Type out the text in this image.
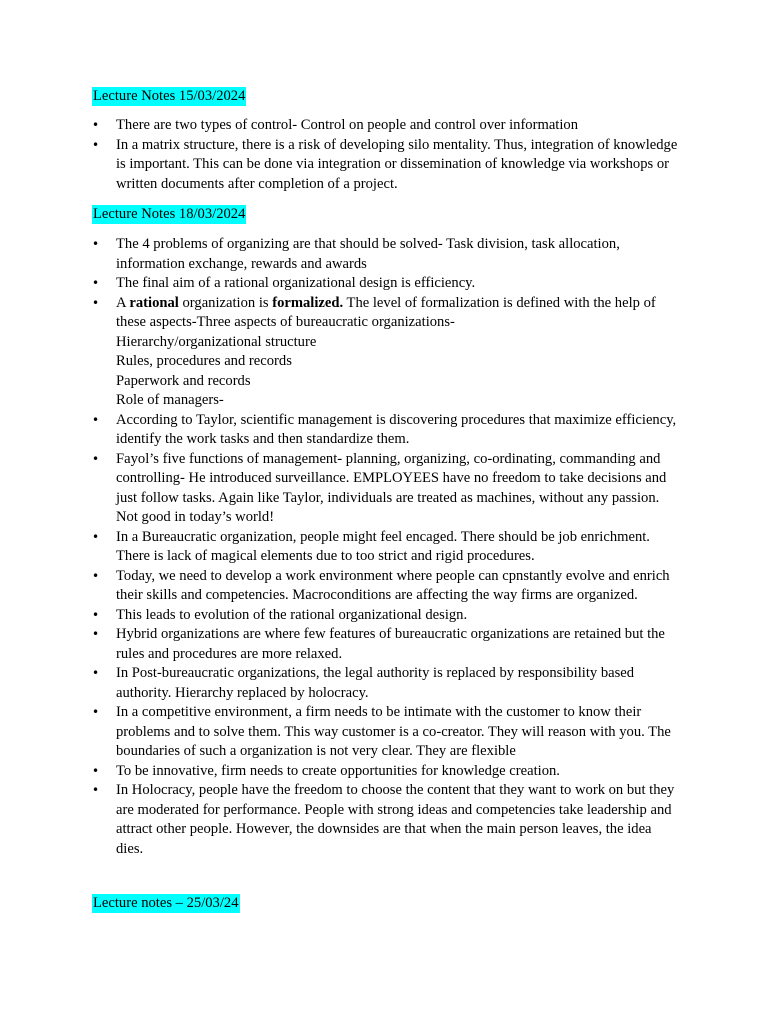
Lecture Notes 15/03/2024
• There are two types of control- Control on people and control over information
• In a matrix structure, there is a risk of developing silo mentality. Thus, integration of knowledge is important. This can be done via integration or dissemination of knowledge via workshops or written documents after completion of a project.
Lecture Notes 18/03/2024
• The 4 problems of organizing are that should be solved- Task division, task allocation, information exchange, rewards and awards
• The final aim of a rational organizational design is efficiency.
• A rational organization is formalized. The level of formalization is defined with the help of these aspects-Three aspects of bureaucratic organizations-
Hierarchy/organizational structure
Rules, procedures and records
Paperwork and records
Role of managers-
• According to Taylor, scientific management is discovering procedures that maximize efficiency, identify the work tasks and then standardize them.
• Fayol’s five functions of management- planning, organizing, co-ordinating, commanding and controlling- He introduced surveillance. EMPLOYEES have no freedom to take decisions and just follow tasks. Again like Taylor, individuals are treated as machines, without any passion. Not good in today’s world!
• In a Bureaucratic organization, people might feel encaged. There should be job enrichment. There is lack of magical elements due to too strict and rigid procedures.
• Today, we need to develop a work environment where people can cpnstantly evolve and enrich their skills and competencies. Macroconditions are affecting the way firms are organized.
• This leads to evolution of the rational organizational design.
• Hybrid organizations are where few features of bureaucratic organizations are retained but the rules and procedures are more relaxed.
• In Post-bureaucratic organizations, the legal authority is replaced by responsibility based authority. Hierarchy replaced by holocracy.
• In a competitive environment, a firm needs to be intimate with the customer to know their problems and to solve them. This way customer is a co-creator. They will reason with you. The boundaries of such a organization is not very clear. They are flexible
• To be innovative, firm needs to create opportunities for knowledge creation.
• In Holocracy, people have the freedom to choose the content that they want to work on but they are moderated for performance. People with strong ideas and competencies take leadership and attract other people. However, the downsides are that when the main person leaves, the idea dies.
Lecture notes – 25/03/24
